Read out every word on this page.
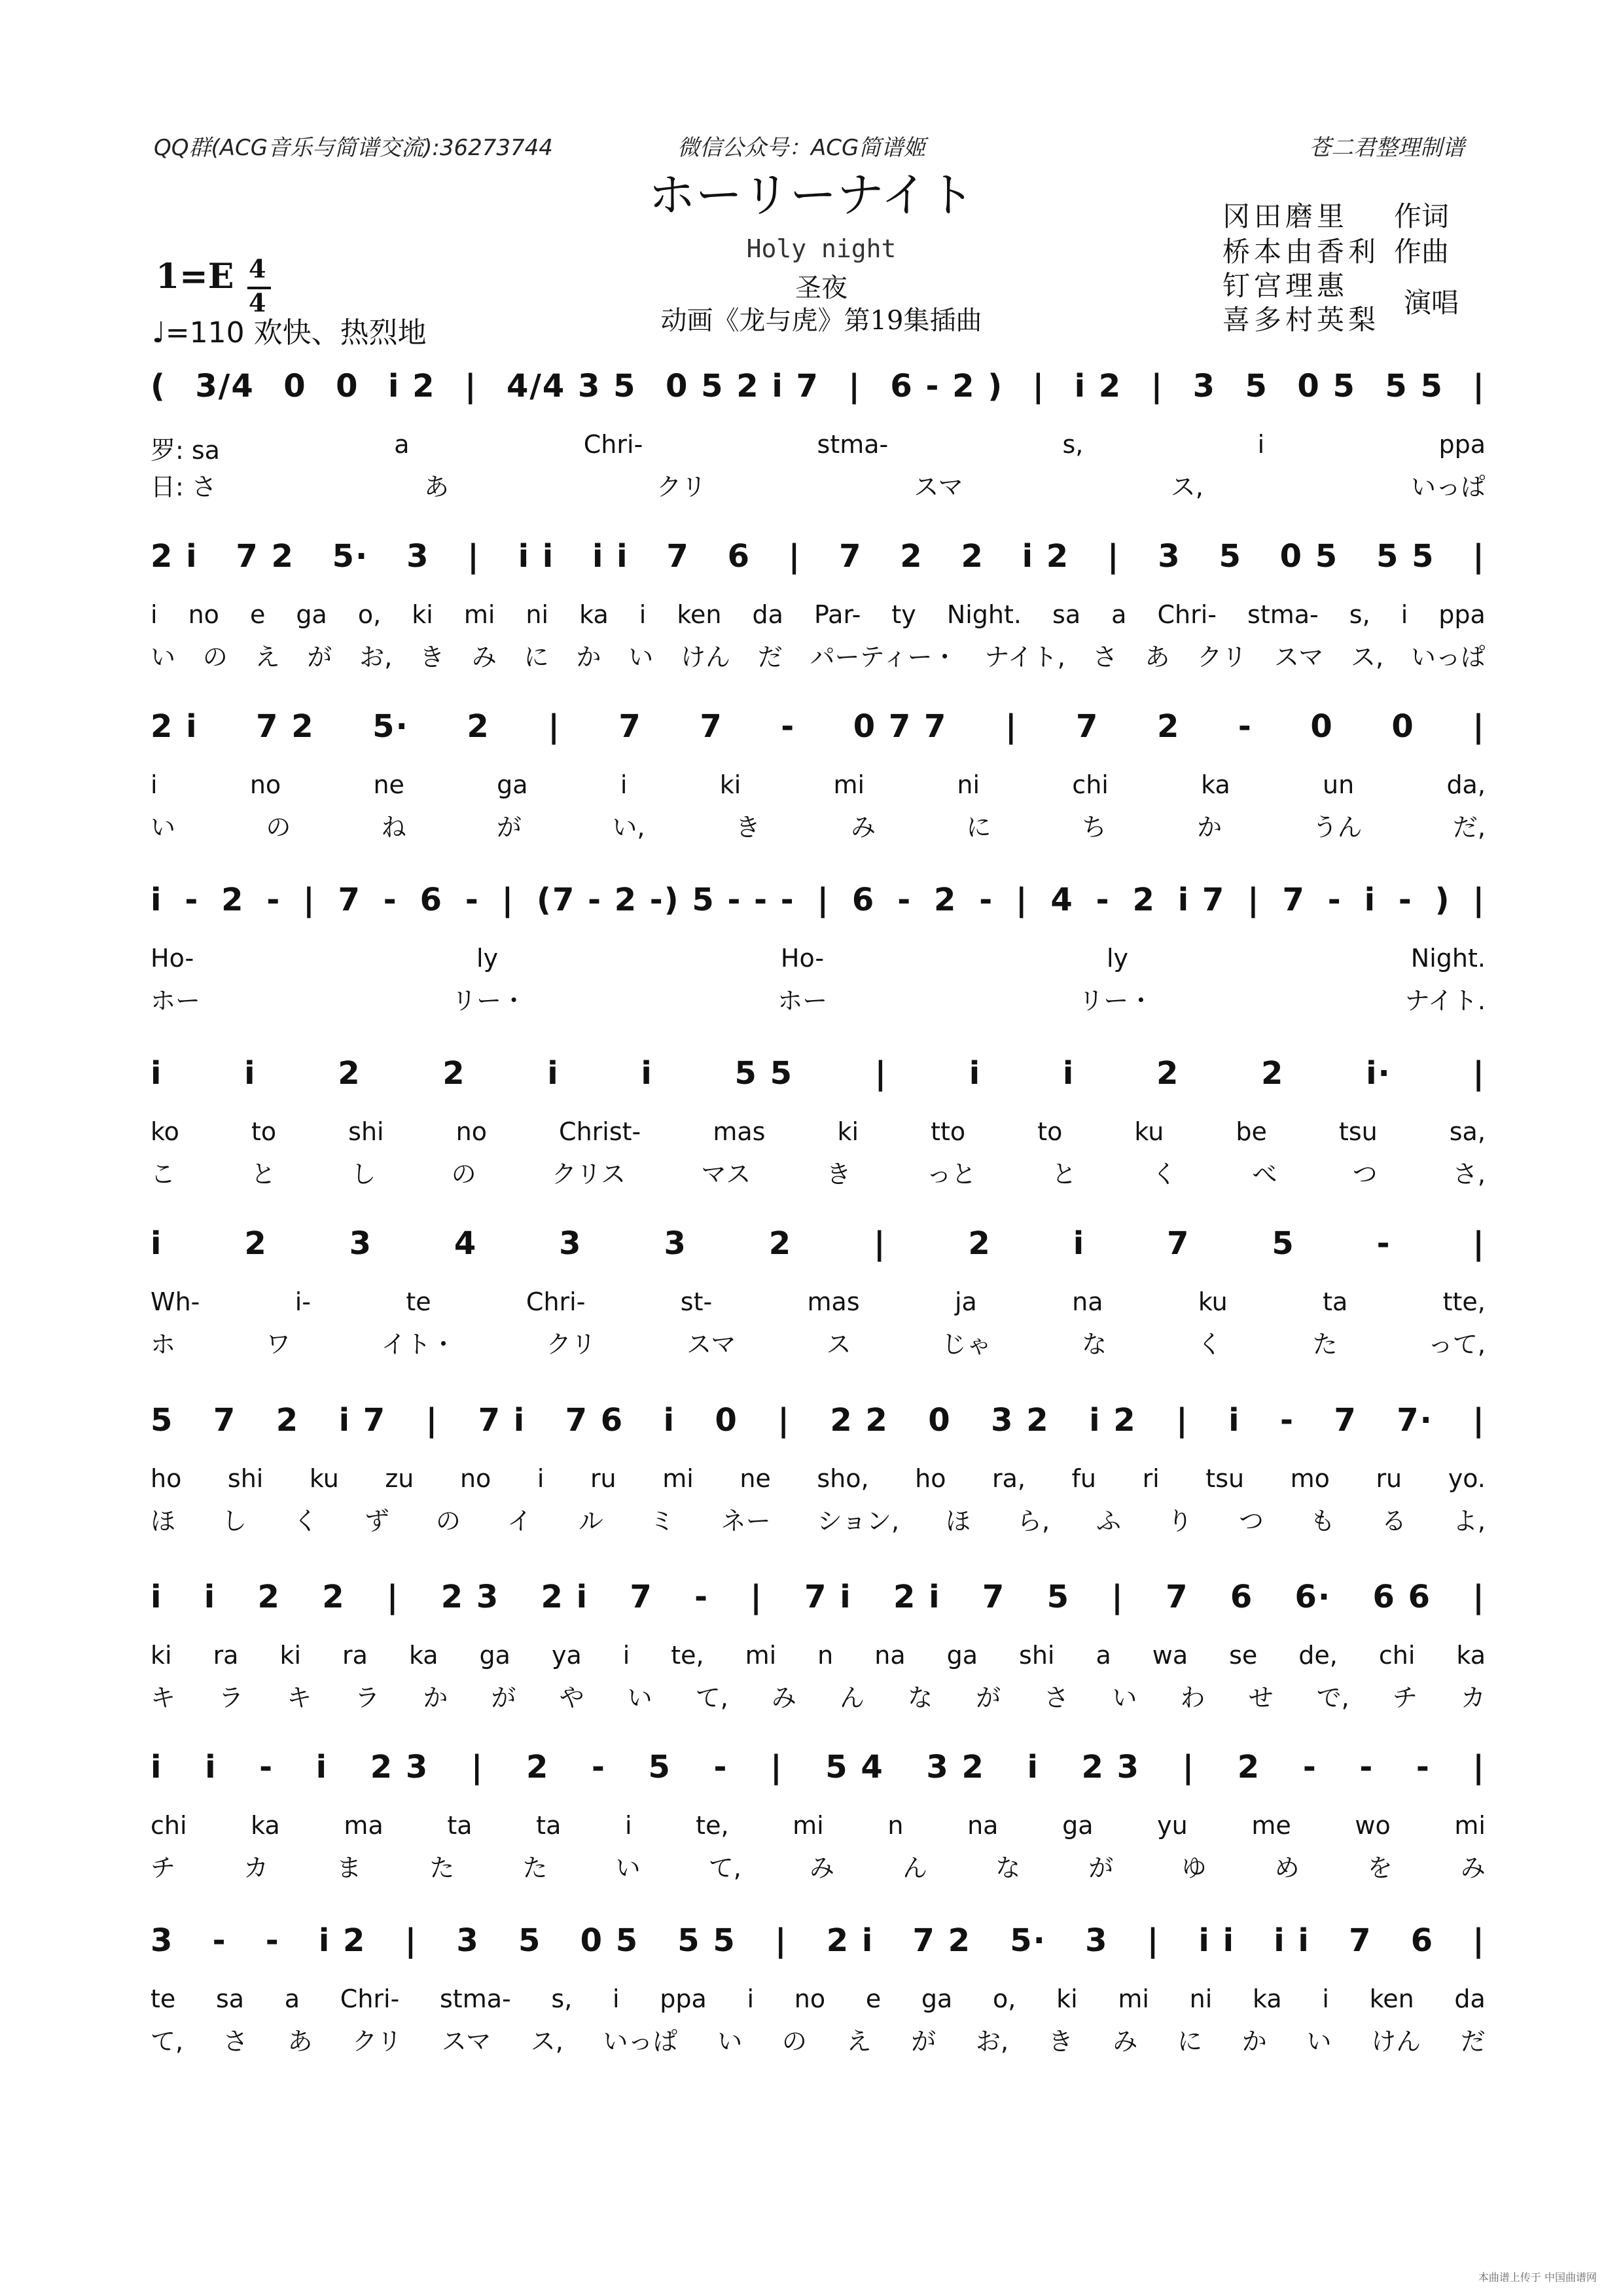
QQ群(ACG音乐与简谱交流):36273744	微信公众号：ACG简谱姬	苍二君整理制谱
ホーリーナイト
Holy night
圣夜
动画《龙与虎》第19集插曲
冈田磨里 作词
桥本由香利 作曲
钉宫理惠
喜多村英梨
演唱
1=E 4
4
♩=110 欢快、热烈地
( 3/4 0 0 i 2 | 4/4 3 5 0 5 2 i 7 | 6 - 2 ) | i 2 | 3 5 0 5 5 5 |
罗: sa	a	Chri-	stma-	s,	i	ppa
日: さ	あ	クリ	スマ	ス,	いっぱ
2 i 7 2 5· 3 | i i i i 7 6 | 7 2 2 i 2 | 3 5 0 5 5 5 |
i no e ga o, ki mi ni ka i ken da Par- ty Night. sa a Chri- stma- s, i ppa
い の え が お, き み に か い けん だ パーティー・ ナイト, さ あ クリ スマ ス, いっぱ
2 i 7 2 5· 2 | 7 7 - 0 7 7 | 7 2 - 0 0 |
i	no	ne	ga	i	ki	mi	ni	chi	ka	un	da,
い	の	ね	が	い,	き	み	に	ち	か	うん	だ,
i - 2 - | 7 - 6 - | (7 - 2 -) 5 - - - | 6 - 2 - | 4 - 2 i 7 | 7 - i - ) |
Ho-	ly	Ho-	ly	Night.
ホー	リー・	ホー	リー・	ナイト.
i	i	2	2	i	i	5 5	|	i	i	2	2	i·	|
ko	to	shi	no	Christ-	mas	ki	tto	to	ku	be	tsu	sa,
こ	と	し	の	クリス	マス	き	っと	と	く	べ	つ	さ,
i	2	3	4	3	3	2	|	2	i	7	5	-	|
Wh-	i-	te	Chri-	st-	mas	ja	na	ku	ta	tte,
ホ	ワ	イト・	クリ	スマ	ス	じゃ	な	く	た	って,
5 7 2 i 7 | 7 i 7 6 i 0 | 2 2 0 3 2 i 2 | i - 7 7· |
ho shi ku zu no i ru mi ne sho, ho ra, fu ri tsu mo ru yo.
ほ し く ず の イ ル ミ ネー ション, ほ ら, ふ り つ も る よ,
i i 2 2 | 2 3 2 i 7 - | 7 i 2 i 7 5 | 7 6 6· 6 6 |
ki ra ki ra ka ga ya i te, mi n na ga shi a wa se de, chi ka
キ ラ キ ラ か が や い て, み ん な が さ い わ せ で, チ カ
i i - i 2 3 | 2 - 5 - | 5 4 3 2 i 2 3 | 2 - - - |
chi	ka	ma	ta	ta	i	te,	mi	n	na	ga	yu	me	wo	mi
チ	カ	ま	た	た	い	て,	み	ん	な	が	ゆ	め	を	み
3 - - i 2 | 3 5 0 5 5 5 | 2 i 7 2 5· 3 | i i i i 7 6 |
te sa a Chri- stma- s, i ppa i no e ga o, ki mi ni ka i ken da
て, さ あ クリ スマ ス, いっぱ い の え が お, き み に か い けん だ
本曲谱上传于 中国曲谱网
